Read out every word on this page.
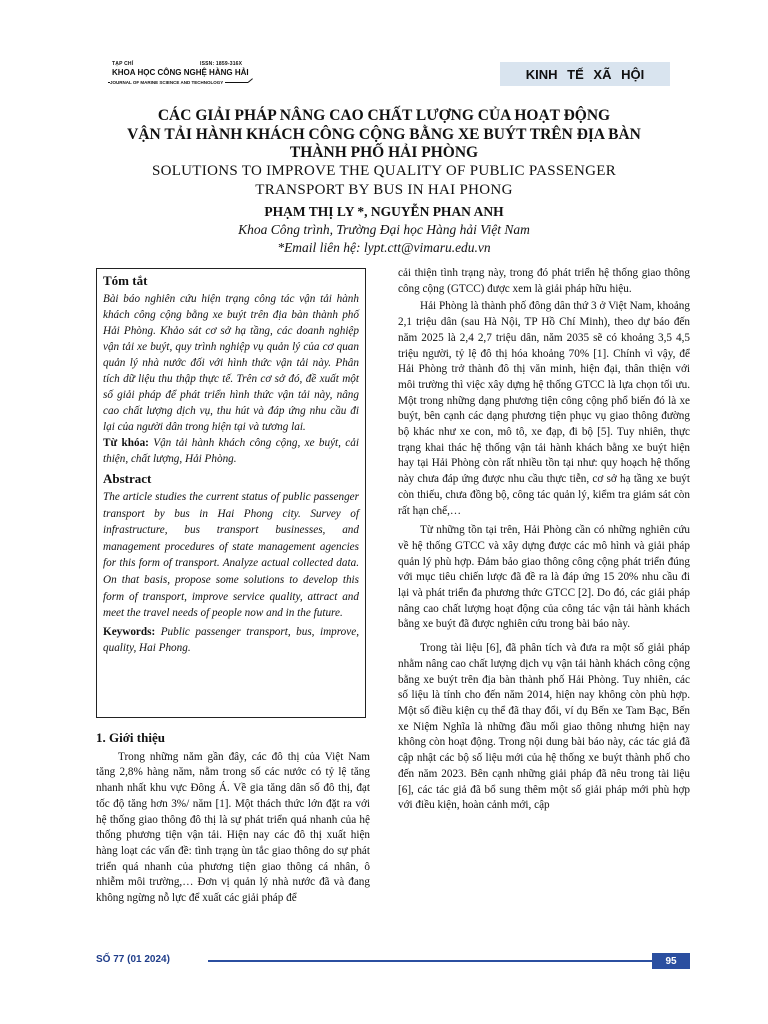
TẠP CHÍ	ISSN: 1859-316X
KHOA HỌC CÔNG NGHỆ HÀNG HẢI
JOURNAL OF MARINE SCIENCE AND TECHNOLOGY
KINH TẾ XÃ HỘI
CÁC GIẢI PHÁP NÂNG CAO CHẤT LƯỢNG CỦA HOẠT ĐỘNG
VẬN TẢI HÀNH KHÁCH CÔNG CỘNG BẰNG XE BUÝT TRÊN ĐỊA BÀN
THÀNH PHỐ HẢI PHÒNG
SOLUTIONS TO IMPROVE THE QUALITY OF PUBLIC PASSENGER
TRANSPORT BY BUS IN HAI PHONG
PHẠM THỊ LY *, NGUYỄN PHAN ANH
Khoa Công trình, Trường Đại học Hàng hải Việt Nam
*Email liên hệ: lypt.ctt@vimaru.edu.vn
Tóm tắt

Bài báo nghiên cứu hiện trạng công tác vận tải hành khách công cộng bằng xe buýt trên địa bàn thành phố Hải Phòng. Khảo sát cơ sở hạ tầng, các doanh nghiệp vận tải xe buýt, quy trình nghiệp vụ quản lý của cơ quan quản lý nhà nước đối với hình thức vận tải này. Phân tích dữ liệu thu thập thực tế. Trên cơ sở đó, đề xuất một số giải pháp để phát triển hình thức vận tải này, nâng cao chất lượng dịch vụ, thu hút và đáp ứng nhu cầu đi lại của người dân trong hiện tại và tương lai.

Từ khóa: Vận tải hành khách công cộng, xe buýt, cải thiện, chất lượng, Hải Phòng.

Abstract

The article studies the current status of public passenger transport by bus in Hai Phong city. Survey of infrastructure, bus transport businesses, and management procedures of state management agencies for this form of transport. Analyze actual collected data. On that basis, propose some solutions to develop this form of transport, improve service quality, attract and meet the travel needs of people now and in the future.

Keywords: Public passenger transport, bus, improve, quality, Hai Phong.

1. Giới thiệu

Trong những năm gần đây, các đô thị của Việt Nam tăng 2,8% hàng năm, nằm trong số các nước có tỷ lệ tăng nhanh nhất khu vực Đông Á. Về gia tăng dân số đô thị, đạt tốc độ tăng hơn 3%/ năm [1]. Một thách thức lớn đặt ra với hệ thống giao thông đô thị là sự phát triển quá nhanh của hệ thống phương tiện vận tải. Hiện nay các đô thị xuất hiện hàng loạt các vấn đề: tình trạng ùn tắc giao thông do sự phát triển quá nhanh của phương tiện giao thông cá nhân, ô nhiễm môi trường,… Đơn vị quản lý nhà nước đã và đang không ngừng nỗ lực để xuất các giải pháp để

cải thiện tình trạng này, trong đó phát triển hệ thống giao thông công cộng (GTCC) được xem là giải pháp hữu hiệu.

Hải Phòng là thành phố đông dân thứ 3 ở Việt Nam, khoảng 2,1 triệu dân (sau Hà Nội, TP Hồ Chí Minh), theo dự báo đến năm 2025 là 2,4 2,7 triệu dân, năm 2035 sẽ có khoảng 3,5 4,5 triệu người, tỷ lệ đô thị hóa khoảng 70% [1]. Chính vì vậy, để Hải Phòng trở thành đô thị văn minh, hiện đại, thân thiện với môi trường thì việc xây dựng hệ thống GTCC là lựa chọn tối ưu. Một trong những dạng phương tiện công cộng phổ biến đó là xe buýt, bên cạnh các dạng phương tiện phục vụ giao thông đường bộ khác như xe con, mô tô, xe đạp, đi bộ [5]. Tuy nhiên, thực trạng khai thác hệ thống vận tải hành khách bằng xe buýt hiện hay tại Hải Phòng còn rất nhiều tồn tại như: quy hoạch hệ thống này chưa đáp ứng được nhu cầu thực tiễn, cơ sở hạ tầng xe buýt còn thiếu, chưa đồng bộ, công tác quản lý, kiểm tra giám sát còn rất hạn chế,…

Từ những tồn tại trên, Hải Phòng cần có những nghiên cứu về hệ thống GTCC và xây dựng được các mô hình và giải pháp quản lý phù hợp. Đảm bảo giao thông công cộng phát triển đúng với mục tiêu chiến lược đã đề ra là đáp ứng 15 20% nhu cầu đi lại và phát triển đa phương thức GTCC [2]. Do đó, các giải pháp nâng cao chất lượng hoạt động của công tác vận tải hành khách bằng xe buýt đã được nghiên cứu trong bài báo này.

Trong tài liệu [6], đã phân tích và đưa ra một số giải pháp nhằm nâng cao chất lượng dịch vụ vận tải hành khách công cộng bằng xe buýt trên địa bàn thành phố Hải Phòng. Tuy nhiên, các số liệu là tính cho đến năm 2014, hiện nay không còn phù hợp. Một số điều kiện cụ thể đã thay đổi, ví dụ Bến xe Tam Bạc, Bến xe Niệm Nghĩa là những đầu mối giao thông nhưng hiện nay không còn hoạt động. Trong nội dung bài báo này, các tác giả đã cập nhật các bộ số liệu mới của hệ thống xe buýt thành phố cho đến năm 2023. Bên cạnh những giải pháp đã nêu trong tài liệu [6], các tác giả đã bổ sung thêm một số giải pháp mới phù hợp với điều kiện, hoàn cảnh mới, cập

SỐ 77 (01 2024)	95
